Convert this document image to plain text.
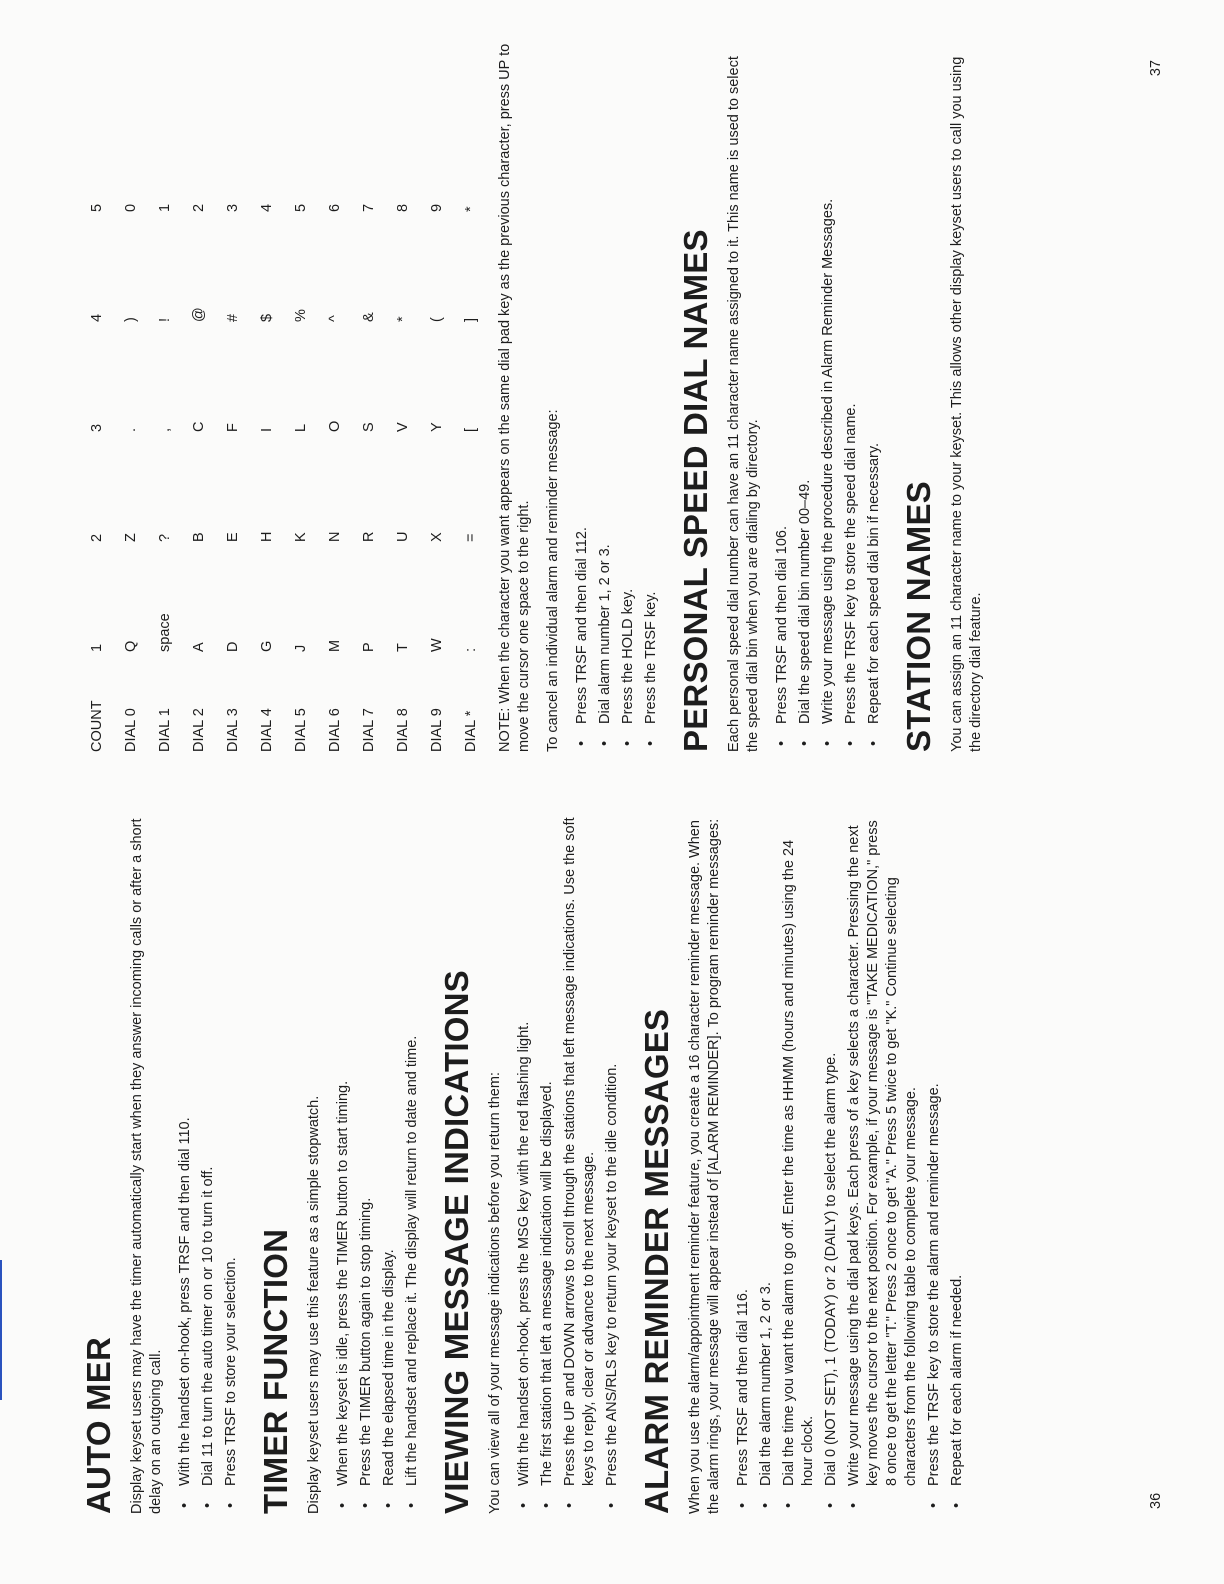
AUTO MER Display keyset users may have the timer automatically start when they answer incoming calls or after a short delay on an outgoing call. • With the handset on-hook, press TRSF and then dial 110. • Dial 11 to turn the auto timer on or 10 to turn it off. • Press TRSF to store your selection. TIMER FUNCTION Display keyset users may use this feature as a simple stopwatch. • When the keyset is idle, press the TIMER button to start timing. • Press the TIMER button again to stop timing. • Read the elapsed time in the display. • Lift the handset and replace it. The display will return to date and time. VIEWING MESSAGE INDICATIONS You can view all of your message indications before you return them: • With the handset on-hook, press the MSG key with the red flashing light. • The first station that left a message indication will be displayed. • Press the UP and DOWN arrows to scroll through the stations that left message indications. Use the soft keys to reply, clear or advance to the next message. • Press the ANS/RLS key to return your keyset to the idle condition. ALARM REMINDER MESSAGES When you use the alarm/appointment reminder feature, you create a 16 character reminder message. When the alarm rings, your message will appear instead of [ALARM REMINDER]. To program reminder messages: • Press TRSF and then dial 116. • Dial the alarm number 1, 2 or 3. • Dial the time you want the alarm to go off. Enter the time as HHMM (hours and minutes) using the 24 hour clock. • Dial 0 (NOT SET), 1 (TODAY) or 2 (DAILY) to select the alarm type. • Write your message using the dial pad keys. Each press of a key selects a character. Pressing the next key moves the cursor to the next position. For example, if your message is "TAKE MEDICATION," press 8 once to get the letter "T." Press 2 once to get "A." Press 5 twice to get "K." Continue selecting characters from the following table to complete your message. • Press the TRSF key to store the alarm and reminder message. • Repeat for each alarm if needed.
36
COUNT	1	2	3	4	5
DIAL 0	Q	Z	.	)	0
DIAL 1	space	?	,	!	1
DIAL 2	A	B	C	@	2
DIAL 3	D	E	F	#	3
DIAL 4	G	H	I	$	4
DIAL 5	J	K	L	%	5
DIAL 6	M	N	O	^	6
DIAL 7	P	R	S	&	7
DIAL 8	T	U	V	*	8
DIAL 9	W	X	Y	(	9
DIAL *	:	=	[	]	* NOTE: When the character you want appears on the same dial pad key as the previous character, press UP to move the cursor one space to the right. To cancel an individual alarm and reminder message: • Press TRSF and then dial 112. • Dial alarm number 1, 2 or 3. • Press the HOLD key. • Press the TRSF key. PERSONAL SPEED DIAL NAMES Each personal speed dial number can have an 11 character name assigned to it. This name is used to select the speed dial bin when you are dialing by directory. • Press TRSF and then dial 106. • Dial the speed dial bin number 00–49. • Write your message using the procedure described in Alarm Reminder Messages. • Press the TRSF key to store the speed dial name. • Repeat for each speed dial bin if necessary. STATION NAMES You can assign an 11 character name to your keyset. This allows other display keyset users to call you using the directory dial feature.

37
